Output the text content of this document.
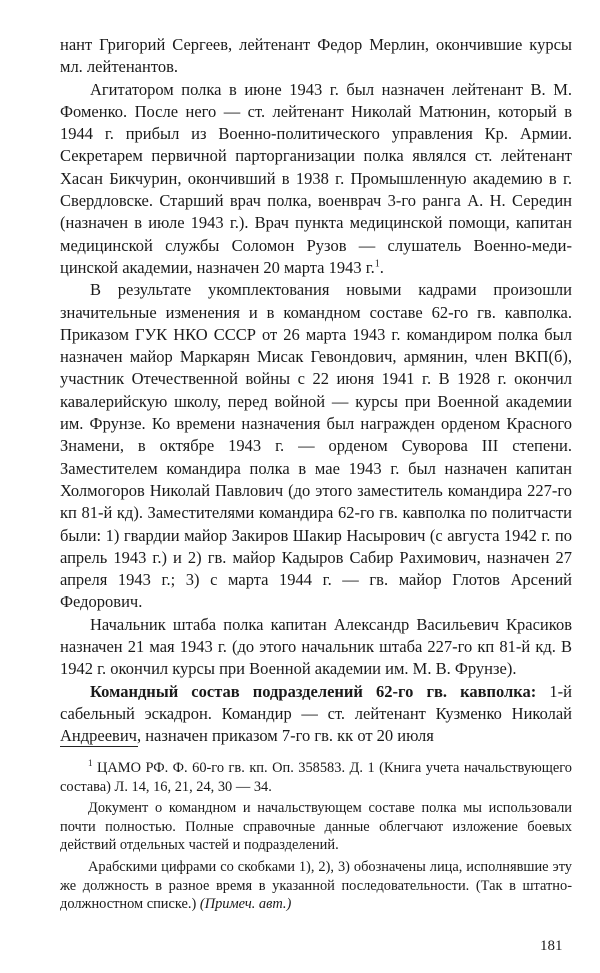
нант Григорий Сергеев, лейтенант Федор Мерлин, окончившие курсы мл. лейтенантов.

Агитатором полка в июне 1943 г. был назначен лейтенант В. М. Фоменко. После него — ст. лейтенант Николай Матюнин, который в 1944 г. прибыл из Военно-политического управления Кр. Армии. Секретарем первичной парторганизации полка являлся ст. лейтенант Хасан Бикчурин, окончивший в 1938 г. Промышленную академию в г. Свердловске. Старший врач полка, военврач 3-го ранга А. Н. Середин (назначен в июле 1943 г.). Врач пункта медицинской помощи, капитан медицинской службы Соломон Рузов — слушатель Военно-медицинской академии, назначен 20 марта 1943 г.$^1$.

В результате укомплектования новыми кадрами произошли значительные изменения и в командном составе 62-го гв. кавполка. Приказом ГУК НКО СССР от 26 марта 1943 г. командиром полка был назначен майор Маркарян Мисак Гевондович, армянин, член ВКП(б), участник Отечественной войны с 22 июня 1941 г. В 1928 г. окончил кавалерийскую школу, перед войной — курсы при Военной академии им. Фрунзе. Ко времени назначения был награжден орденом Красного Знамени, в октябре 1943 г. — орденом Суворова III степени. Заместителем командира полка в мае 1943 г. был назначен капитан Холмогоров Николай Павлович (до этого заместитель командира 227-го кп 81-й кд). Заместителями командира 62-го гв. кавполка по политчасти были: 1) гвардии майор Закиров Шакир Насырович (с августа 1942 г. по апрель 1943 г.) и 2) гв. майор Кадыров Сабир Рахимович, назначен 27 апреля 1943 г.; 3) с марта 1944 г. — гв. майор Глотов Арсений Федорович.

Начальник штаба полка капитан Александр Васильевич Красиков назначен 21 мая 1943 г. (до этого начальник штаба 227-го кп 81-й кд. В 1942 г. окончил курсы при Военной академии им. М. В. Фрунзе).

Командный состав подразделений 62-го гв. кавполка: 1-й сабельный эскадрон. Командир — ст. лейтенант Кузменко Николай Андреевич, назначен приказом 7-го гв. кк от 20 июля

$^1$ ЦАМО РФ. Ф. 60-го гв. кп. Оп. 358583. Д. 1 (Книга учета начальствующего состава) Л. 14, 16, 21, 24, 30 — 34.

Документ о командном и начальствующем составе полка мы использовали почти полностью. Полные справочные данные облегчают изложение боевых действий отдельных частей и подразделений.

Арабскими цифрами со скобками 1), 2), 3) обозначены лица, исполнявшие эту же должность в разное время в указанной последовательности. (Так в штатно-должностном списке.) (Примеч. авт.)

181
